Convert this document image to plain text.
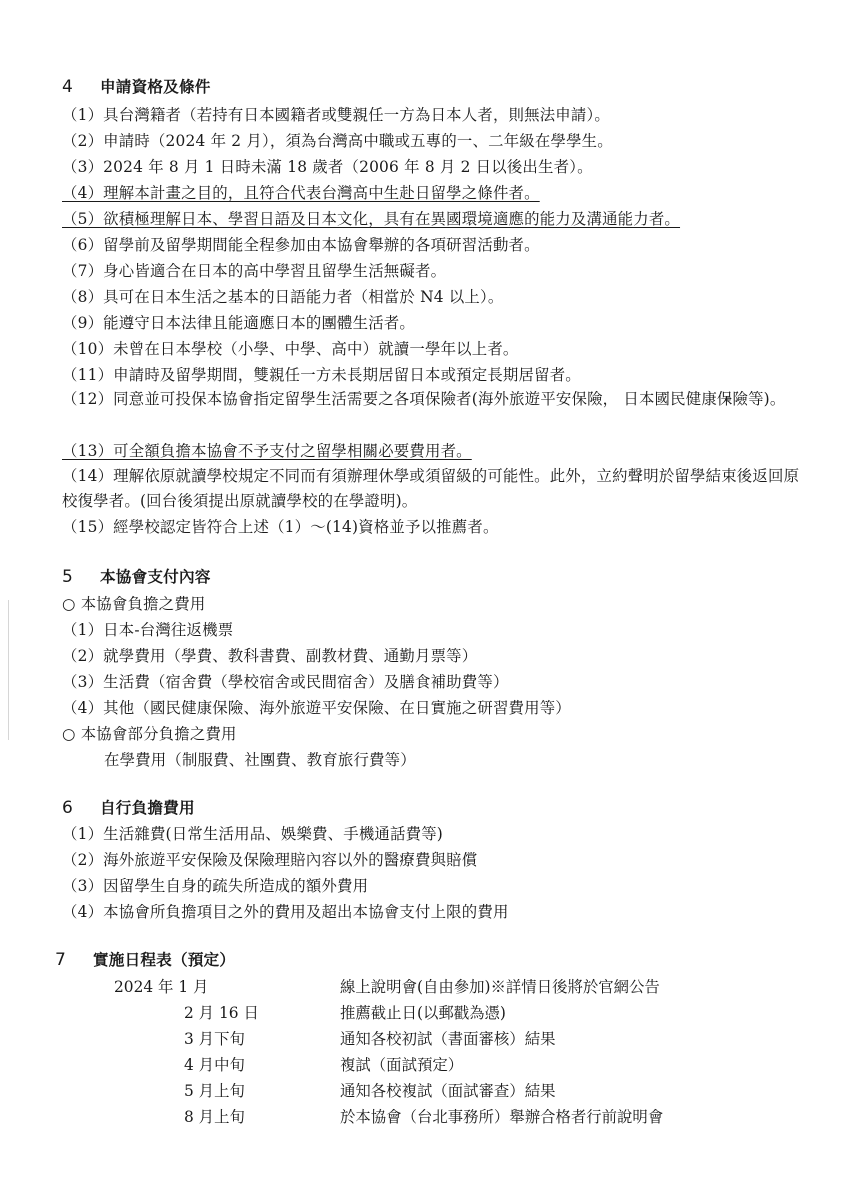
4 申請資格及條件
（1）具台灣籍者（若持有日本國籍者或雙親任一方為日本人者，則無法申請）。
（2）申請時（2024 年 2 月），須為台灣高中職或五專的一、二年級在學學生。
（3）2024 年 8 月 1 日時未滿 18 歲者（2006 年 8 月 2 日以後出生者）。
（4）理解本計畫之目的，且符合代表台灣高中生赴日留學之條件者。
（5）欲積極理解日本、學習日語及日本文化，具有在異國環境適應的能力及溝通能力者。
（6）留學前及留學期間能全程參加由本協會舉辦的各項研習活動者。
（7）身心皆適合在日本的高中學習且留學生活無礙者。
（8）具可在日本生活之基本的日語能力者（相當於 N4 以上）。
（9）能遵守日本法律且能適應日本的團體生活者。
（10）未曾在日本學校（小學、中學、高中）就讀一學年以上者。
（11）申請時及留學期間，雙親任一方未長期居留日本或預定長期居留者。
（12）同意並可投保本協會指定留學生活需要之各項保險者(海外旅遊平安保險， 日本國民健康保險等)。
（13）可全額負擔本協會不予支付之留學相關必要費用者。
（14）理解依原就讀學校規定不同而有須辦理休學或須留級的可能性。此外，立約聲明於留學結束後返回原校復學者。(回台後須提出原就讀學校的在學證明)。
（15）經學校認定皆符合上述（1）～(14)資格並予以推薦者。
5 本協會支付內容
○ 本協會負擔之費用
（1）日本-台灣往返機票
（2）就學費用（學費、教科書費、副教材費、通勤月票等）
（3）生活費（宿舍費（學校宿舍或民間宿舍）及膳食補助費等）
（4）其他（國民健康保險、海外旅遊平安保險、在日實施之研習費用等）
○ 本協會部分負擔之費用
在學費用（制服費、社團費、教育旅行費等）
6 自行負擔費用
（1）生活雜費(日常生活用品、娛樂費、手機通話費等)
（2）海外旅遊平安保險及保險理賠內容以外的醫療費與賠償
（3）因留學生自身的疏失所造成的額外費用
（4）本協會所負擔項目之外的費用及超出本協會支付上限的費用
7 實施日程表（預定）
2024 年 1 月	線上說明會(自由參加)※詳情日後將於官網公告
2 月 16 日	推薦截止日(以郵戳為憑)
3 月下旬	通知各校初試（書面審核）結果
4 月中旬	複試（面試預定）
5 月上旬	通知各校複試（面試審查）結果
8 月上旬	於本協會（台北事務所）舉辦合格者行前說明會
